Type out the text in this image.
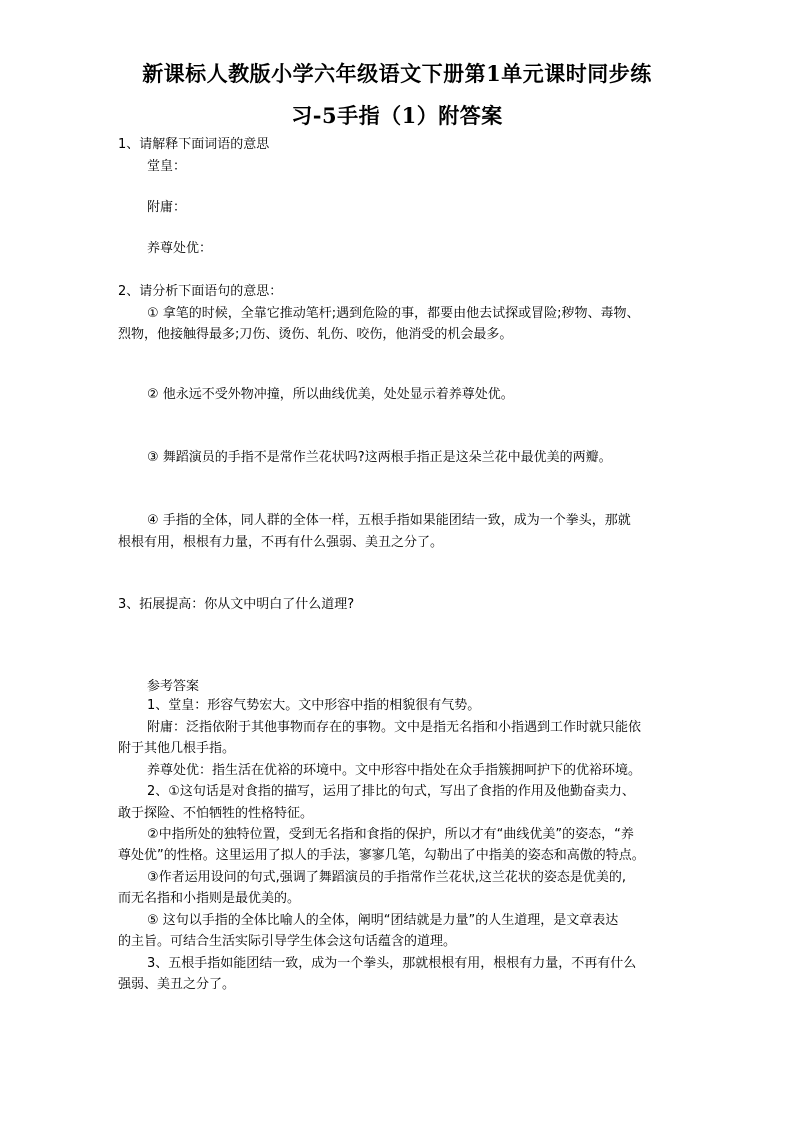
新课标人教版小学六年级语文下册第1单元课时同步练
习-5手指（1）附答案
1、请解释下面词语的意思
堂皇：
附庸：
养尊处优：
2、请分析下面语句的意思：
① 拿笔的时候，全靠它推动笔杆;遇到危险的事，都要由他去试探或冒险;秽物、毒物、
烈物，他接触得最多;刀伤、烫伤、轧伤、咬伤，他消受的机会最多。
② 他永远不受外物冲撞，所以曲线优美，处处显示着养尊处优。
③ 舞蹈演员的手指不是常作兰花状吗?这两根手指正是这朵兰花中最优美的两瓣。
④ 手指的全体，同人群的全体一样，五根手指如果能团结一致，成为一个拳头，那就
根根有用，根根有力量，不再有什么强弱、美丑之分了。
3、拓展提高：你从文中明白了什么道理?
参考答案
1、堂皇：形容气势宏大。文中形容中指的相貌很有气势。
附庸：泛指依附于其他事物而存在的事物。文中是指无名指和小指遇到工作时就只能依
附于其他几根手指。
养尊处优：指生活在优裕的环境中。文中形容中指处在众手指簇拥呵护下的优裕环境。
2、①这句话是对食指的描写，运用了排比的句式，写出了食指的作用及他勤奋卖力、
敢于探险、不怕牺牲的性格特征。
②中指所处的独特位置，受到无名指和食指的保护，所以才有“曲线优美”的姿态，“养
尊处优”的性格。这里运用了拟人的手法，寥寥几笔，勾勒出了中指美的姿态和高傲的特点。
③作者运用设问的句式,强调了舞蹈演员的手指常作兰花状,这兰花状的姿态是优美的,
而无名指和小指则是最优美的。
⑤ 这句以手指的全体比喻人的全体，阐明“团结就是力量”的人生道理，是文章表达
的主旨。可结合生活实际引导学生体会这句话蕴含的道理。
3、五根手指如能团结一致，成为一个拳头，那就根根有用，根根有力量，不再有什么
强弱、美丑之分了。
